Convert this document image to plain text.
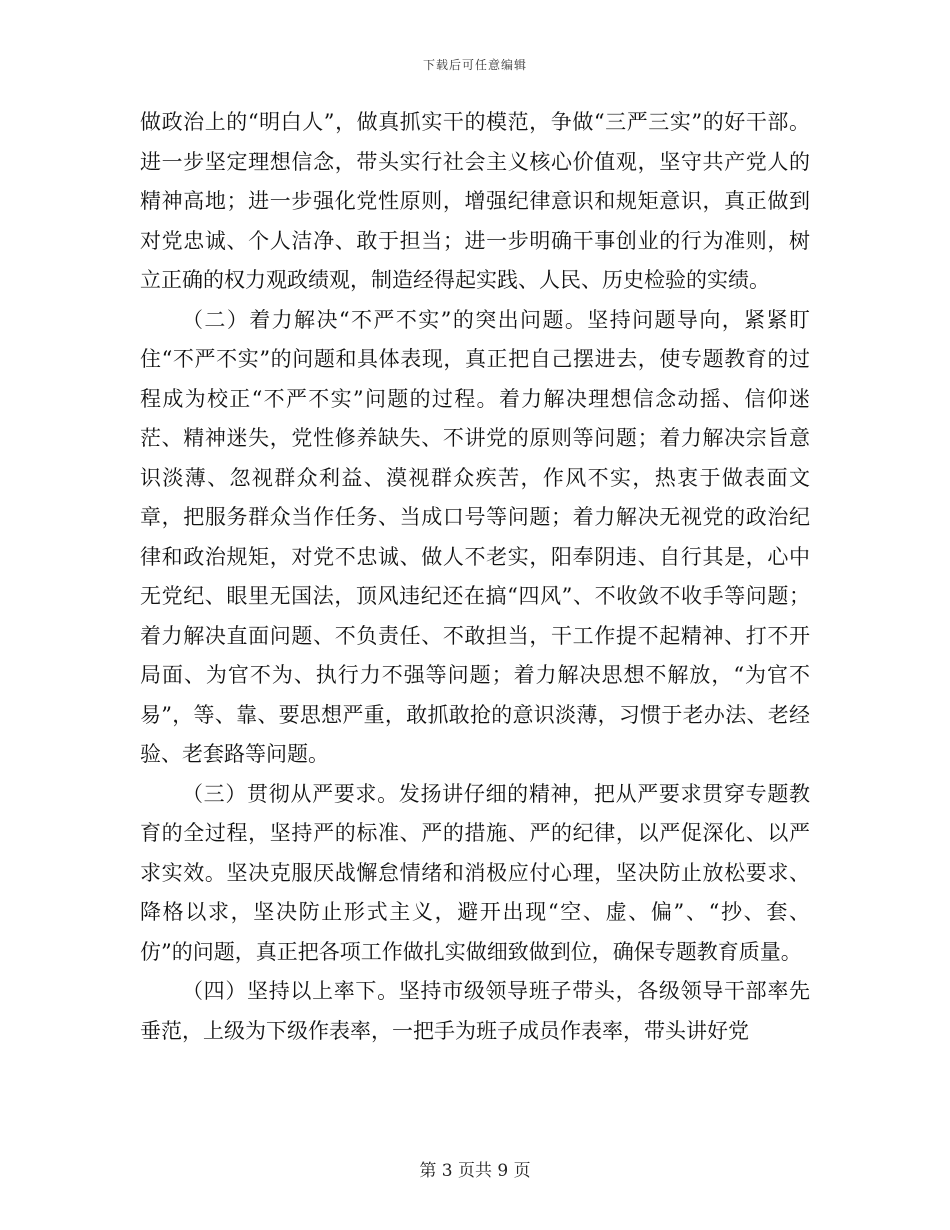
下载后可任意编辑

做政治上的“明白人”，做真抓实干的模范，争做“三严三实”的好干部。进一步坚定理想信念，带头实行社会主义核心价值观，坚守共产党人的精神高地；进一步强化党性原则，增强纪律意识和规矩意识，真正做到对党忠诚、个人洁净、敢于担当；进一步明确干事创业的行为准则，树立正确的权力观政绩观，制造经得起实践、人民、历史检验的实绩。

（二）着力解决“不严不实”的突出问题。坚持问题导向，紧紧盯住“不严不实”的问题和具体表现，真正把自己摆进去，使专题教育的过程成为校正“不严不实”问题的过程。着力解决理想信念动摇、信仰迷茫、精神迷失，党性修养缺失、不讲党的原则等问题；着力解决宗旨意识淡薄、忽视群众利益、漠视群众疾苦，作风不实，热衷于做表面文章，把服务群众当作任务、当成口号等问题；着力解决无视党的政治纪律和政治规矩，对党不忠诚、做人不老实，阳奉阴违、自行其是，心中无党纪、眼里无国法，顶风违纪还在搞“四风”、不收敛不收手等问题；着力解决直面问题、不负责任、不敢担当，干工作提不起精神、打不开局面、为官不为、执行力不强等问题；着力解决思想不解放，“为官不易”，等、靠、要思想严重，敢抓敢抢的意识淡薄，习惯于老办法、老经验、老套路等问题。

（三）贯彻从严要求。发扬讲仔细的精神，把从严要求贯穿专题教育的全过程，坚持严的标准、严的措施、严的纪律，以严促深化、以严求实效。坚决克服厌战懈怠情绪和消极应付心理，坚决防止放松要求、降格以求，坚决防止形式主义，避开出现“空、虚、偏”、“抄、套、仿”的问题，真正把各项工作做扎实做细致做到位，确保专题教育质量。

（四）坚持以上率下。坚持市级领导班子带头，各级领导干部率先垂范，上级为下级作表率，一把手为班子成员作表率，带头讲好党

第 3 页共 9 页
